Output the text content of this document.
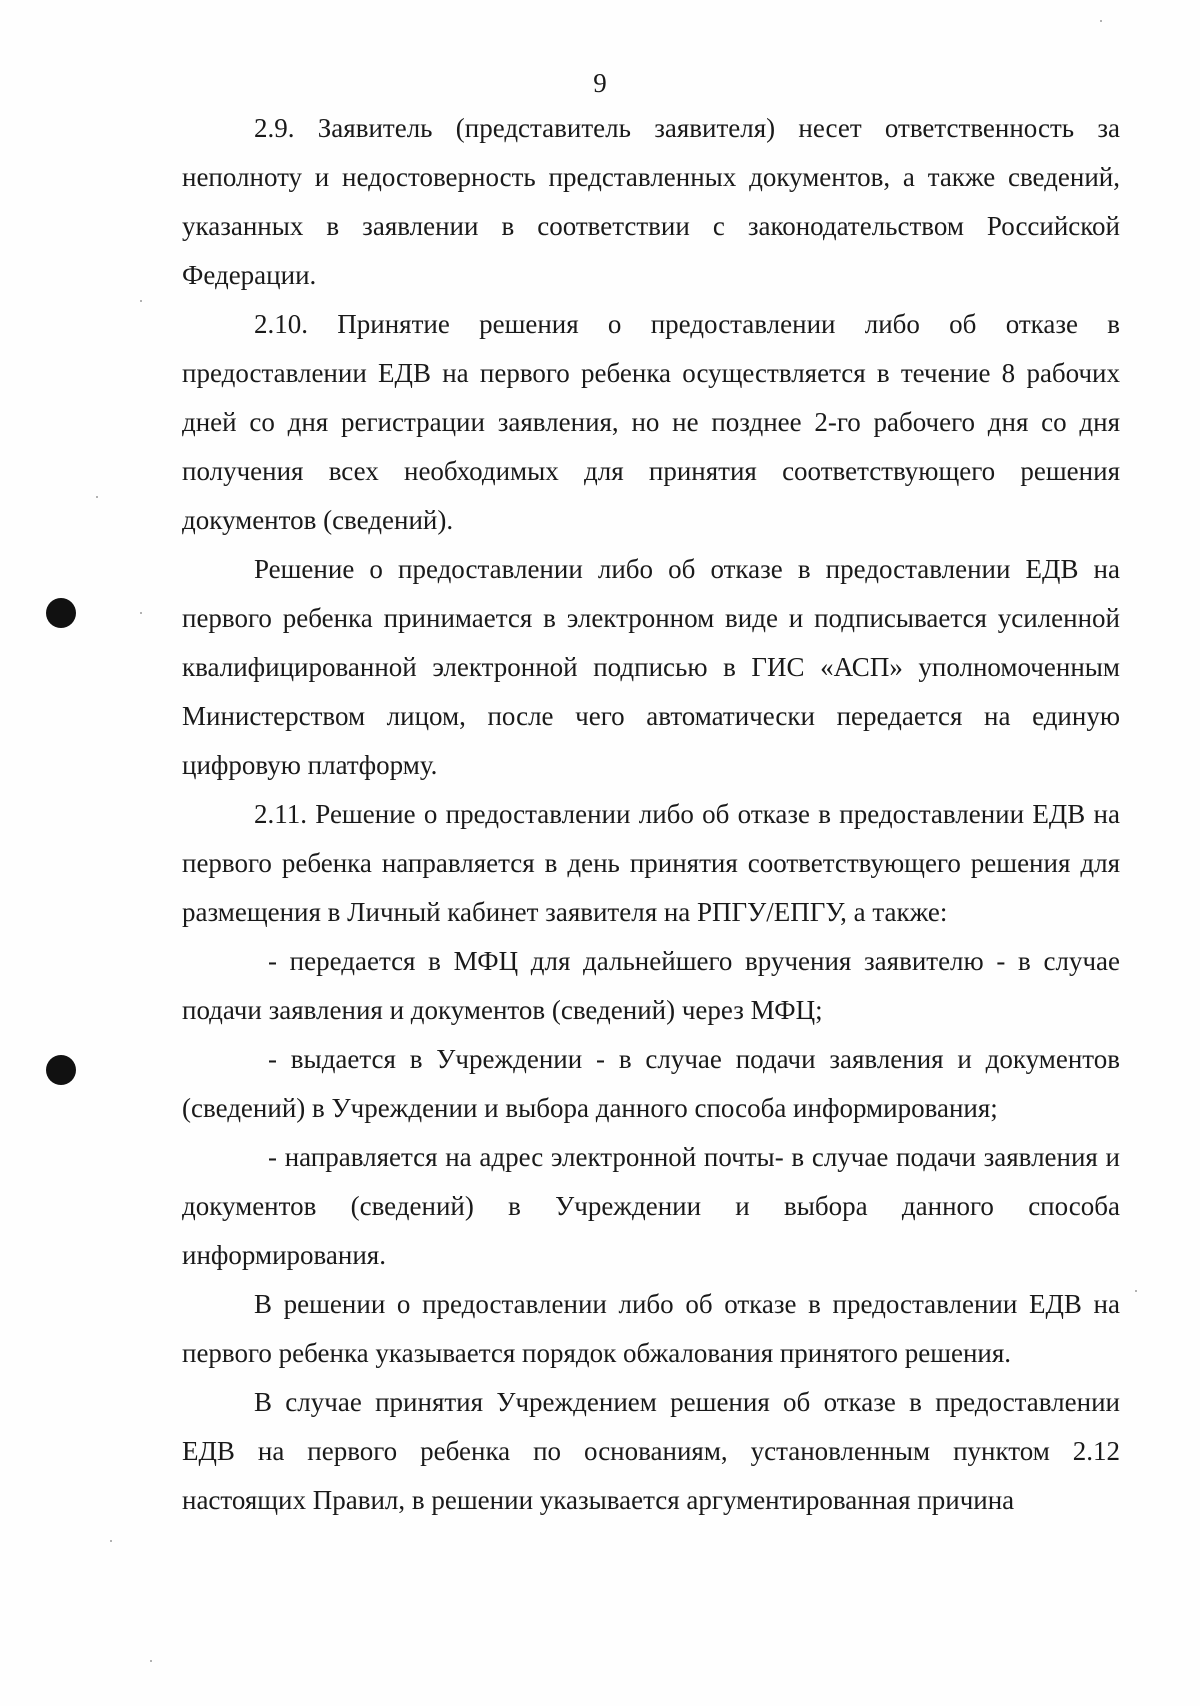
9

2.9. Заявитель (представитель заявителя) несет ответственность за неполноту и недостоверность представленных документов, а также сведений, указанных в заявлении в соответствии с законодательством Российской Федерации.

2.10. Принятие решения о предоставлении либо об отказе в предоставлении ЕДВ на первого ребенка осуществляется в течение 8 рабочих дней со дня регистрации заявления, но не позднее 2-го рабочего дня со дня получения всех необходимых для принятия соответствующего решения документов (сведений).

Решение о предоставлении либо об отказе в предоставлении ЕДВ на первого ребенка принимается в электронном виде и подписывается усиленной квалифицированной электронной подписью в ГИС «АСП» уполномоченным Министерством лицом, после чего автоматически передается на единую цифровую платформу.

2.11. Решение о предоставлении либо об отказе в предоставлении ЕДВ на первого ребенка направляется в день принятия соответствующего решения для размещения в Личный кабинет заявителя на РПГУ/ЕПГУ, а также:

- передается в МФЦ для дальнейшего вручения заявителю - в случае подачи заявления и документов (сведений) через МФЦ;

- выдается в Учреждении - в случае подачи заявления и документов (сведений) в Учреждении и выбора данного способа информирования;

- направляется на адрес электронной почты- в случае подачи заявления и документов (сведений) в Учреждении и выбора данного способа информирования.

В решении о предоставлении либо об отказе в предоставлении ЕДВ на первого ребенка указывается порядок обжалования принятого решения.

В случае принятия Учреждением решения об отказе в предоставлении ЕДВ на первого ребенка по основаниям, установленным пунктом 2.12 настоящих Правил, в решении указывается аргументированная причина
